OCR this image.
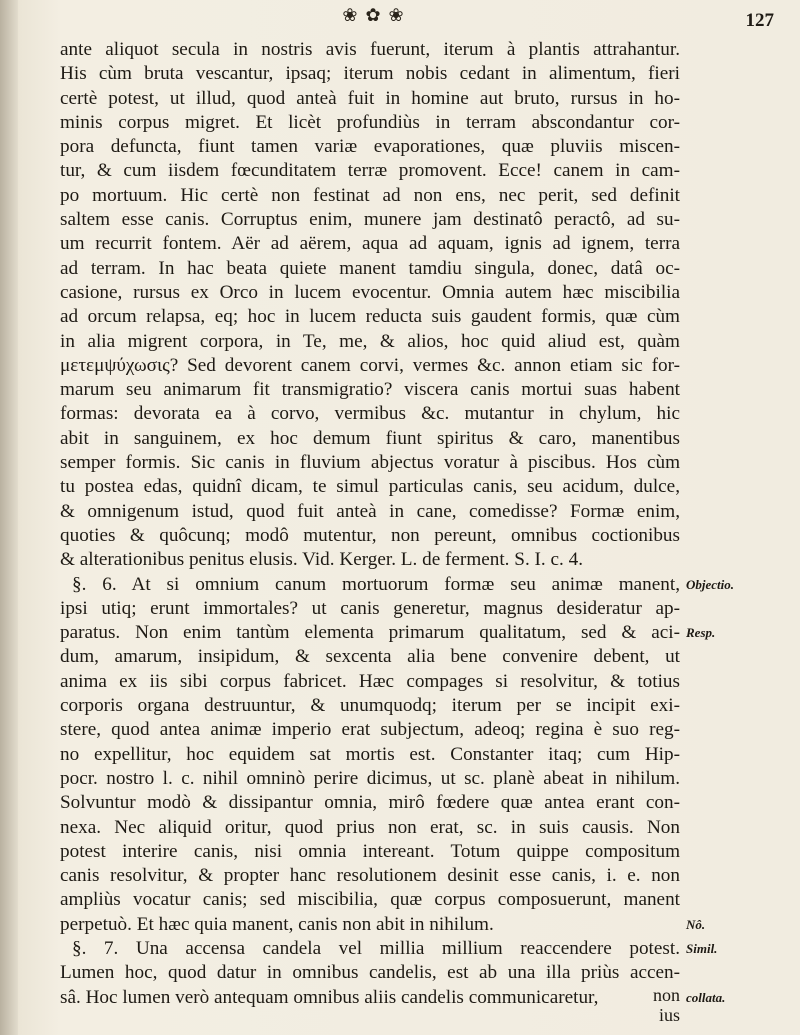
❀ ✿ ❀	127
ante aliquot secula in nostris avis fuerunt, iterum à plantis attrahantur.
His cùm bruta vescantur, ipsaq; iterum nobis cedant in alimentum, fieri
certè potest, ut illud, quod anteà fuit in homine aut bruto, rursus in ho-
minis corpus migret. Et licèt profundiùs in terram abscondantur cor-
pora defuncta, fiunt tamen variæ evaporationes, quæ pluviis miscen-
tur, & cum iisdem fœcunditatem terræ promovent. Ecce! canem in cam-
po mortuum. Hic certè non festinat ad non ens, nec perit, sed definit
saltem esse canis. Corruptus enim, munere jam destinatô peractô, ad su-
um recurrit fontem. Aër ad aërem, aqua ad aquam, ignis ad ignem, terra
ad terram. In hac beata quiete manent tamdiu singula, donec, datâ oc-
casione, rursus ex Orco in lucem evocentur. Omnia autem hæc miscibilia
ad orcum relapsa, eq; hoc in lucem reducta suis gaudent formis, quæ cùm
in alia migrent corpora, in Te, me, & alios, hoc quid aliud est, quàm
μετεμψύχωσις? Sed devorent canem corvi, vermes &c. annon etiam sic for-
marum seu animarum fit transmigratio? viscera canis mortui suas habent
formas: devorata ea à corvo, vermibus &c. mutantur in chylum, hic
abit in sanguinem, ex hoc demum fiunt spiritus & caro, manentibus
semper formis. Sic canis in fluvium abjectus voratur à piscibus. Hos cùm
tu postea edas, quidnî dicam, te simul particulas canis, seu acidum, dulce,
& omnigenum istud, quod fuit anteà in cane, comedisse? Formæ enim,
quoties & quôcunq; modô mutentur, non pereunt, omnibus coctionibus
& alterationibus penitus elusis. Vid. Kerger. L. de ferment. S. I. c. 4.
§. 6. At si omnium canum mortuorum formæ seu animæ manent,
ipsi utiq; erunt immortales? ut canis generetur, magnus desideratur ap-
paratus. Non enim tantùm elementa primarum qualitatum, sed & aci-
dum, amarum, insipidum, & sexcenta alia bene convenire debent, ut
anima ex iis sibi corpus fabricet. Hæc compages si resolvitur, & totius
corporis organa destruuntur, & unumquodq; iterum per se incipit exi-
stere, quod antea animæ imperio erat subjectum, adeoq; regina è suo reg-
no expellitur, hoc equidem sat mortis est. Constanter itaq; cum Hip-
pocr. nostro l. c. nihil omninò perire dicimus, ut sc. planè abeat in nihilum.
Solvuntur modò & dissipantur omnia, mirô fœdere quæ antea erant con-
nexa. Nec aliquid oritur, quod prius non erat, sc. in suis causis. Non
potest interire canis, nisi omnia intereant. Totum quippe compositum
canis resolvitur, & propter hanc resolutionem desinit esse canis, i. e. non
ampliùs vocatur canis; sed miscibilia, quæ corpus composuerunt, manent
perpetuò. Et hæc quia manent, canis non abit in nihilum.
§. 7. Una accensa candela vel millia millium reaccendere potest.
Lumen hoc, quod datur in omnibus candelis, est ab una illa priùs accen-
sâ. Hoc lumen verò antequam omnibus aliis candelis communicaretur,
Objectio.
Resp.
Nô.
Simil.
collata.
non
ius
